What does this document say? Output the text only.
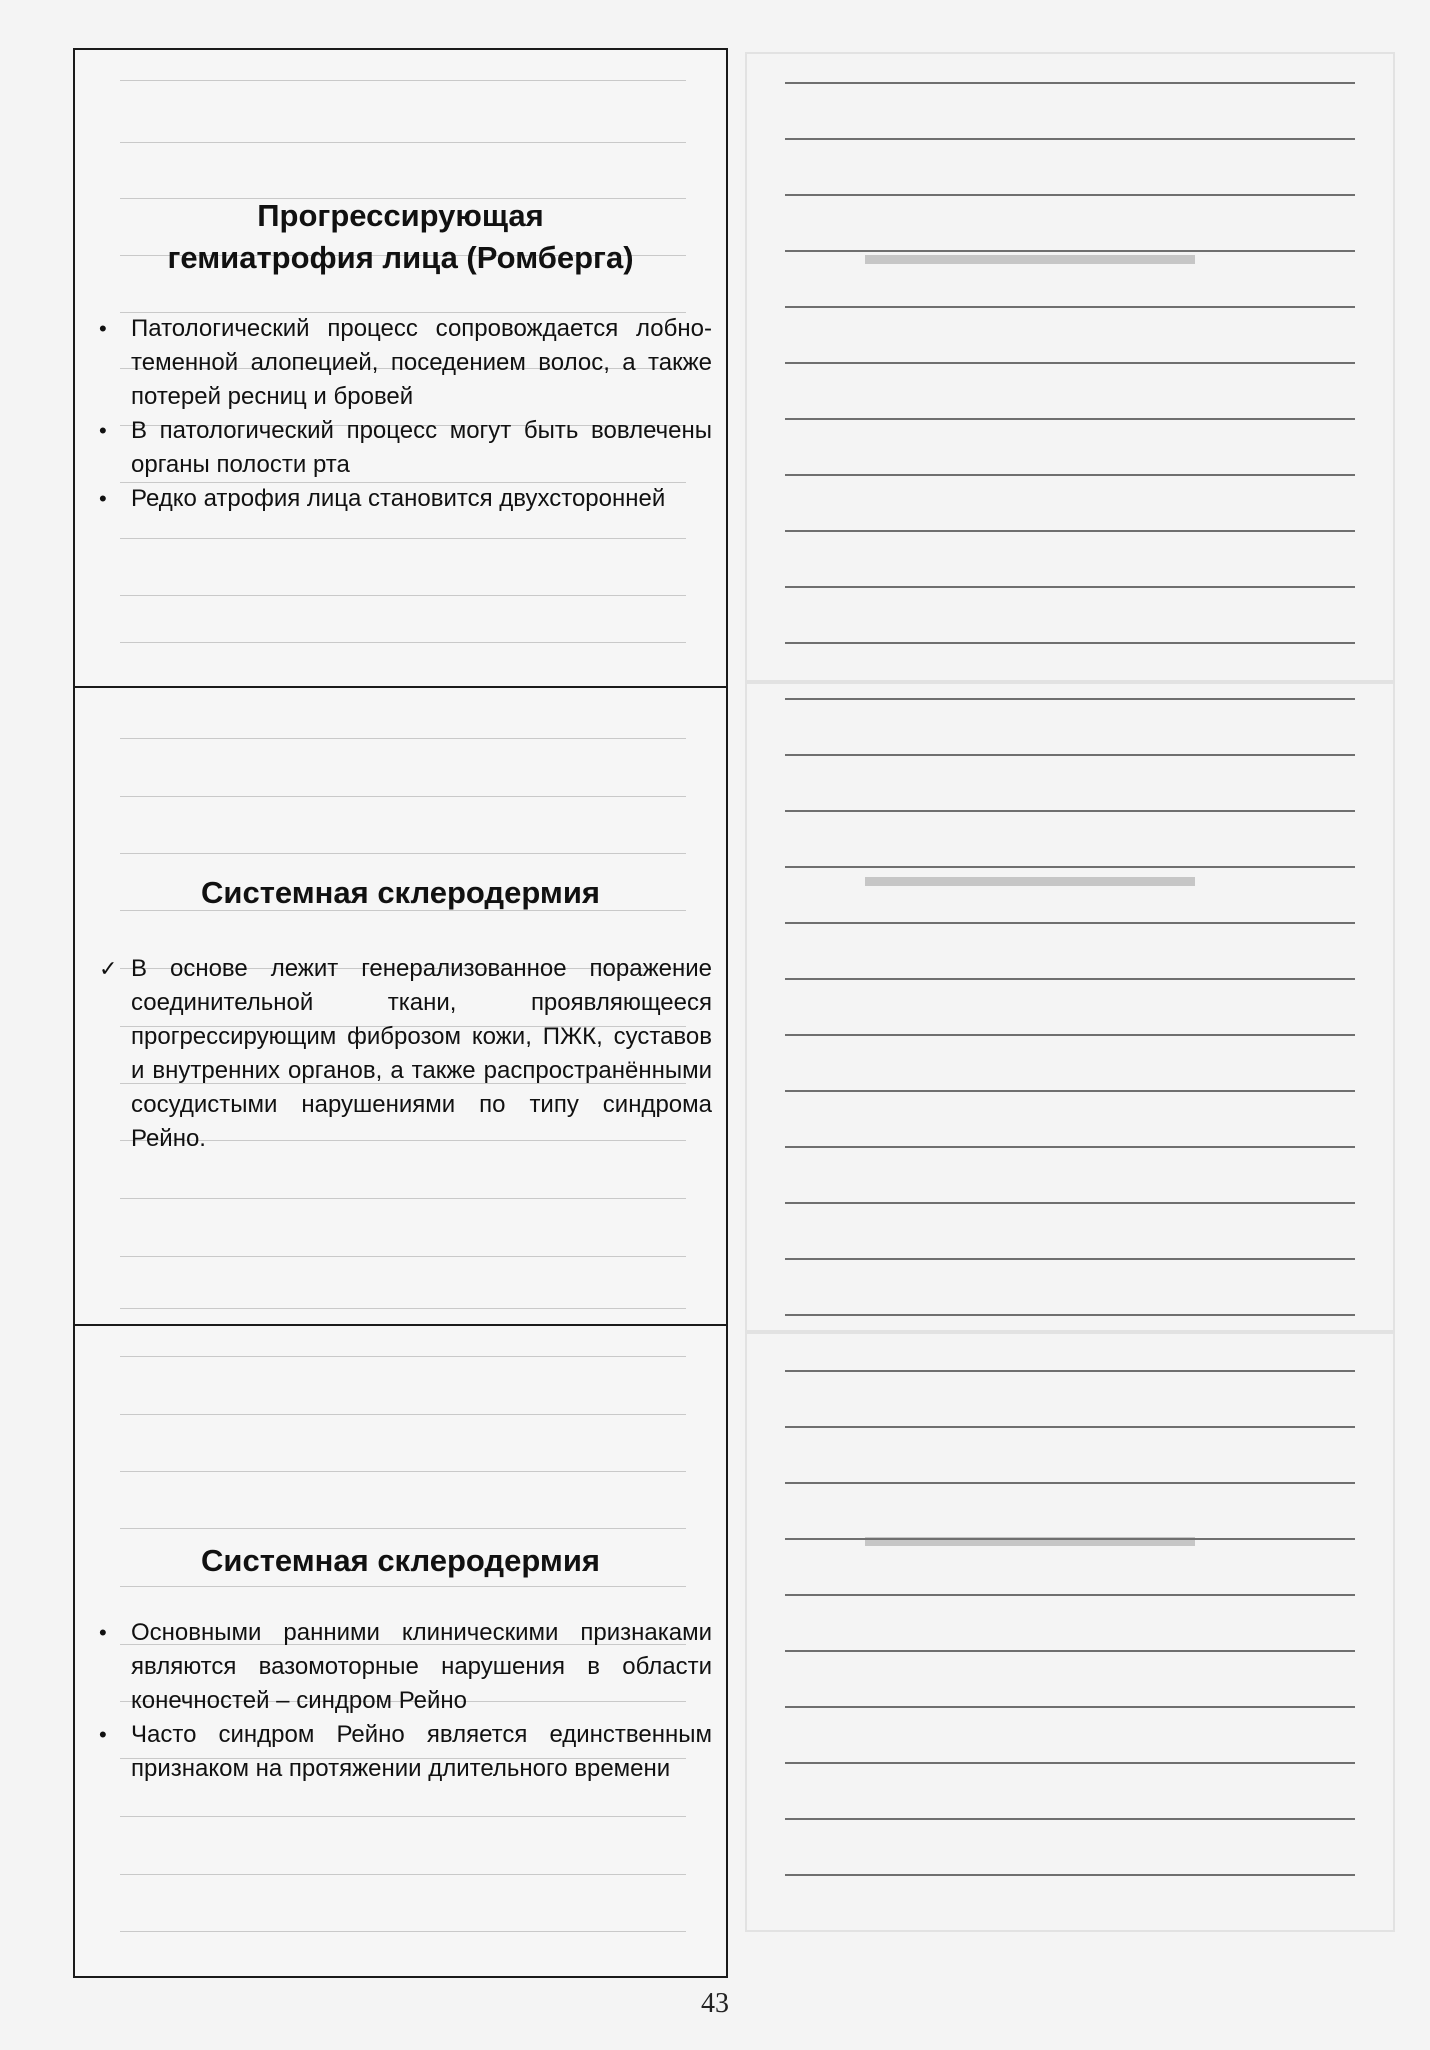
Прогрессирующая
гемиатрофия лица (Ромберга)
• Патологический процесс сопровождается лобно-теменной алопецией, поседением волос, а также потерей ресниц и бровей
• В патологический процесс могут быть вовлечены органы полости рта
• Редко атрофия лица становится двухсторонней
Системная склеродермия
✓ В основе лежит генерализованное поражение соединительной ткани, проявляющееся прогрессирующим фиброзом кожи, ПЖК, суставов и внутренних органов, а также распространёнными сосудистыми нарушениями по типу синдрома Рейно.
Системная склеродермия
• Основными ранними клиническими признаками являются вазомоторные нарушения в области конечностей – синдром Рейно
• Часто синдром Рейно является единственным признаком на протяжении длительного времени
▬▬▬▬▬▬▬▬▬▬▬
▬▬▬▬▬▬▬▬▬▬▬
▬▬▬▬▬▬▬▬▬▬▬
43
